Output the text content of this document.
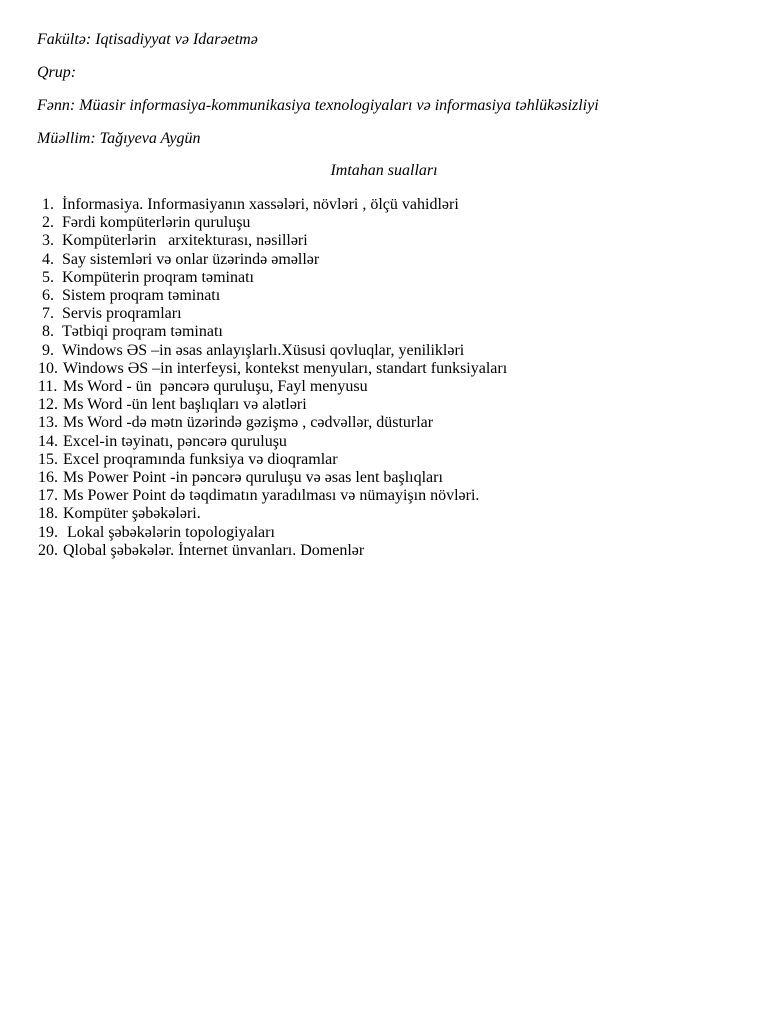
Fakültə: Iqtisadiyyat və Idarəetmə
Qrup:
Fənn: Müasir informasiya-kommunikasiya texnologiyaları və informasiya təhlükəsizliyi
Müəllim: Tağıyeva Aygün
Imtahan sualları
1. İnformasiya. Informasiyanın xassələri, növləri , ölçü vahidləri
2. Fərdi kompüterlərin quruluşu
3. Kompüterlərin   arxitekturası, nəsilləri
4. Say sistemləri və onlar üzərində əməllər
5. Kompüterin proqram təminatı
6. Sistem proqram təminatı
7. Servis proqramları
8. Tətbiqi proqram təminatı
9. Windows ƏS –in əsas anlayışlarlı.Xüsusi qovluqlar, yenilikləri
10. Windows ƏS –in interfeysi, kontekst menyuları, standart funksiyaları
11. Ms Word - ün  pəncərə quruluşu, Fayl menyusu
12. Ms Word -ün lent başlıqları və alətləri
13. Ms Word -də mətn üzərində gəzişmə , cədvəllər, düsturlar
14. Excel-in təyinatı, pəncərə quruluşu
15. Excel proqramında funksiya və dioqramlar
16. Ms Power Point -in pəncərə quruluşu və əsas lent başlıqları
17. Ms Power Point də təqdimatın yaradılması və nümayişın növləri.
18. Kompüter şəbəkələri.
19. Lokal şəbəkələrin topologiyaları
20. Qlobal şəbəkələr. İnternet ünvanları. Domenlər
